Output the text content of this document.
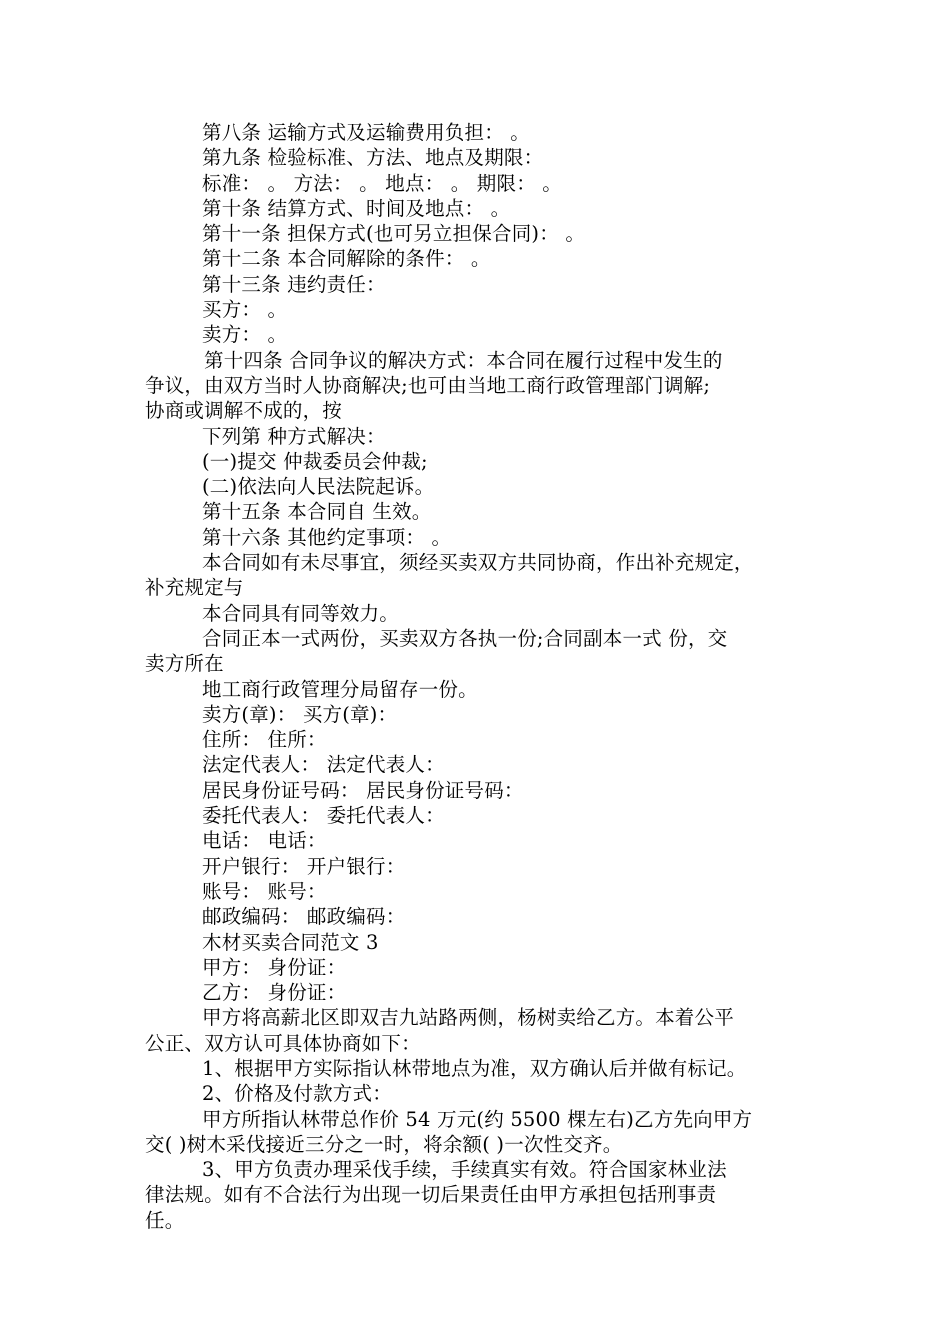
第八条 运输方式及运输费用负担： 。
第九条 检验标准、方法、地点及期限：
标准： 。 方法： 。 地点： 。 期限： 。
第十条 结算方式、时间及地点： 。
第十一条 担保方式(也可另立担保合同)： 。
第十二条 本合同解除的条件： 。
第十三条 违约责任：
买方： 。
卖方： 。
第十四条 合同争议的解决方式：本合同在履行过程中发生的
争议，由双方当时人协商解决;也可由当地工商行政管理部门调解;
协商或调解不成的，按
下列第 种方式解决：
(一)提交 仲裁委员会仲裁;
(二)依法向人民法院起诉。
第十五条 本合同自 生效。
第十六条 其他约定事项： 。
本合同如有未尽事宜，须经买卖双方共同协商，作出补充规定，
补充规定与
本合同具有同等效力。
合同正本一式两份，买卖双方各执一份;合同副本一式 份，交
卖方所在
地工商行政管理分局留存一份。
卖方(章)： 买方(章)：
住所： 住所：
法定代表人： 法定代表人：
居民身份证号码： 居民身份证号码：
委托代表人： 委托代表人：
电话： 电话：
开户银行： 开户银行：
账号： 账号：
邮政编码： 邮政编码：
木材买卖合同范文 3
甲方： 身份证：
乙方： 身份证：
甲方将高薪北区即双吉九站路两侧，杨树卖给乙方。本着公平
公正、双方认可具体协商如下：
1、根据甲方实际指认林带地点为准，双方确认后并做有标记。
2、价格及付款方式：
甲方所指认林带总作价 54 万元(约 5500 棵左右)乙方先向甲方
交( )树木采伐接近三分之一时，将余额( )一次性交齐。
3、甲方负责办理采伐手续，手续真实有效。符合国家林业法
律法规。如有不合法行为出现一切后果责任由甲方承担包括刑事责
任。
